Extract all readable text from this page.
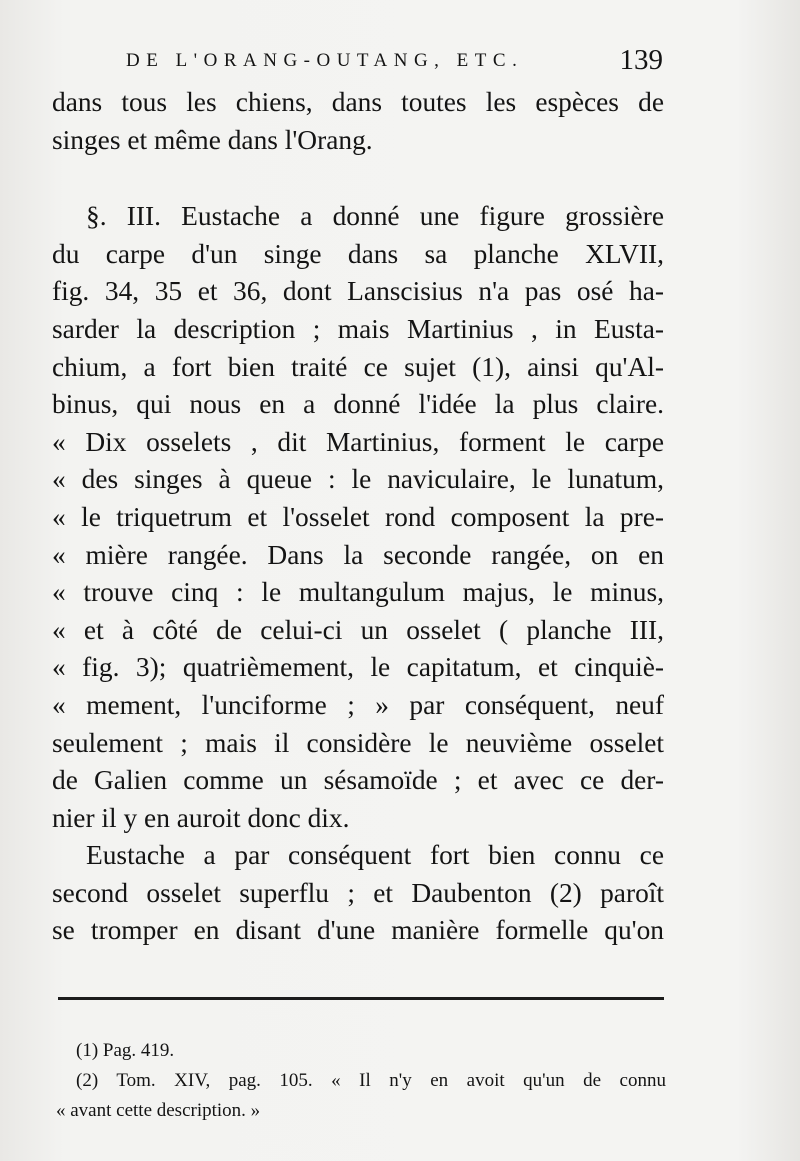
DE L'ORANG-OUTANG, ETC.	139
dans tous les chiens, dans toutes les espèces de
singes et même dans l'Orang.
§. III. Eustache a donné une figure grossière
du carpe d'un singe dans sa planche XLVII,
fig. 34, 35 et 36, dont Lanscisius n'a pas osé ha-
sarder la description ; mais Martinius , in Eusta-
chium, a fort bien traité ce sujet (1), ainsi qu'Al-
binus, qui nous en a donné l'idée la plus claire.
« Dix osselets , dit Martinius, forment le carpe
« des singes à queue : le naviculaire, le lunatum,
« le triquetrum et l'osselet rond composent la pre-
« mière rangée. Dans la seconde rangée, on en
« trouve cinq : le multangulum majus, le minus,
« et à côté de celui-ci un osselet ( planche III,
« fig. 3); quatrièmement, le capitatum, et cinquiè-
« mement, l'unciforme ; » par conséquent, neuf
seulement ; mais il considère le neuvième osselet
de Galien comme un sésamoïde ; et avec ce der-
nier il y en auroit donc dix.
Eustache a par conséquent fort bien connu ce
second osselet superflu ; et Daubenton (2) paroît
se tromper en disant d'une manière formelle qu'on
(1) Pag. 419.
(2) Tom. XIV, pag. 105. « Il n'y en avoit qu'un de connu
« avant cette description. »
